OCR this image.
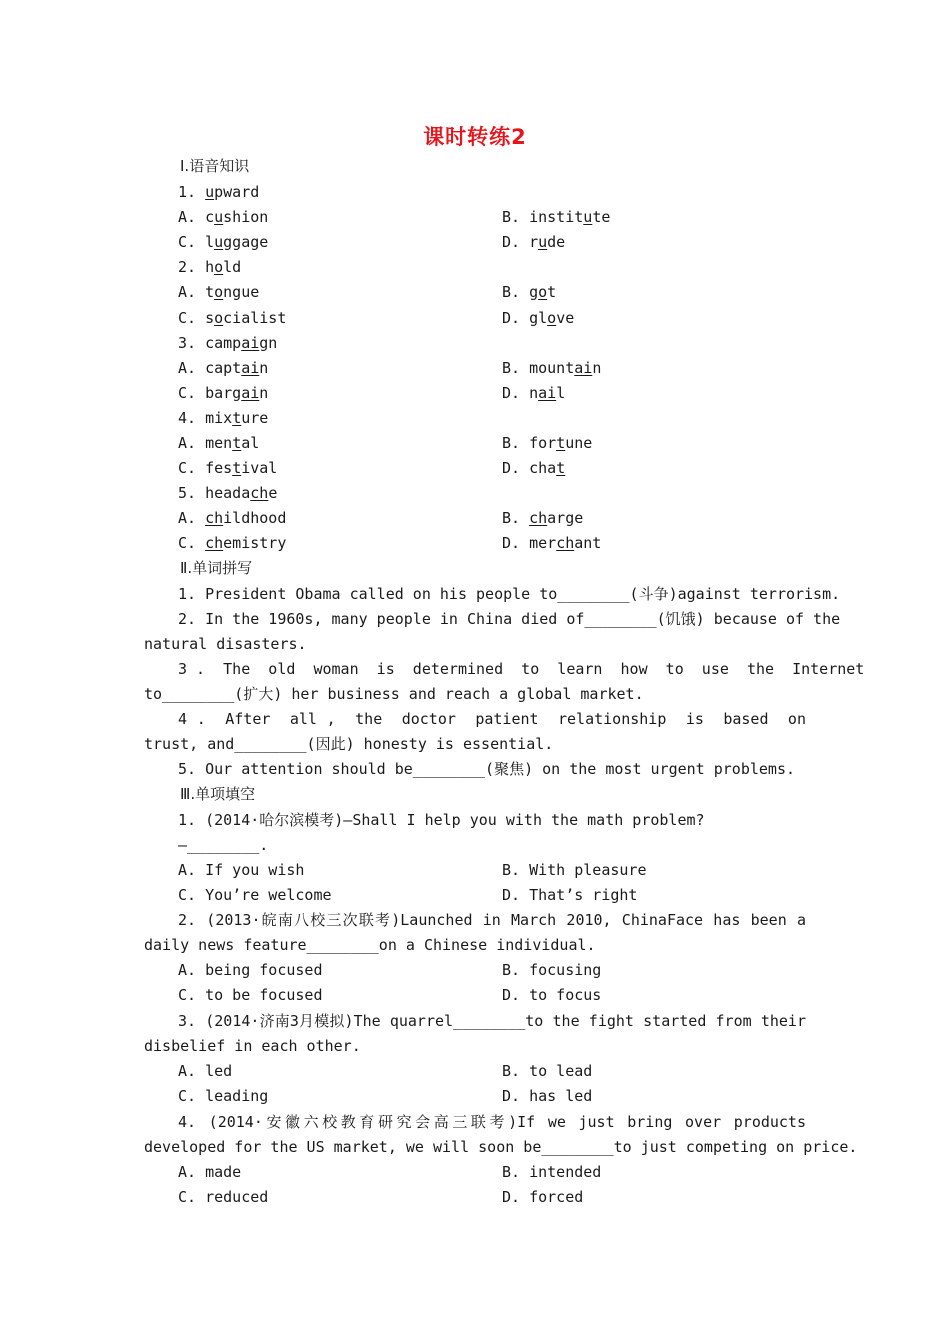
课时转练2
Ⅰ.语音知识
1. upward
A. cushion	B. institute
C. luggage	D. rude
2. hold
A. tongue	B. got
C. socialist	D. glove
3. campaign
A. captain	B. mountain
C. bargain	D. nail
4. mixture
A. mental	B. fortune
C. festival	D. chat
5. headache
A. childhood	B. charge
C. chemistry	D. merchant
Ⅱ.单词拼写
1. President Obama called on his people to________(斗争)against terrorism.
2. In the 1960s, many people in China died of________(饥饿) because of the
natural disasters.
3 .  The  old  woman  is  determined  to  learn  how  to  use  the  Internet
to________(扩大) her business and reach a global market.
4 .  After  all ,  the  doctor  patient  relationship  is  based  on
trust, and________(因此) honesty is essential.
5. Our attention should be________(聚焦) on the most urgent problems.
Ⅲ.单项填空
1. (2014·哈尔滨模考)—Shall I help you with the math problem?
—________.
A. If you wish	B. With pleasure
C. You’re welcome	D. That’s right
2. (2013·皖南八校三次联考)Launched in March 2010, ChinaFace has been a
daily news feature________on a Chinese individual.
A. being focused	B. focusing
C. to be focused	D. to focus
3. (2014·济南3月模拟)The quarrel________to the fight started from their
disbelief in each other.
A. led	B. to lead
C. leading	D. has led
4. (2014·安徽六校教育研究会高三联考)If we just bring over products
developed for the US market, we will soon be________to just competing on price.
A. made	B. intended
C. reduced	D. forced
